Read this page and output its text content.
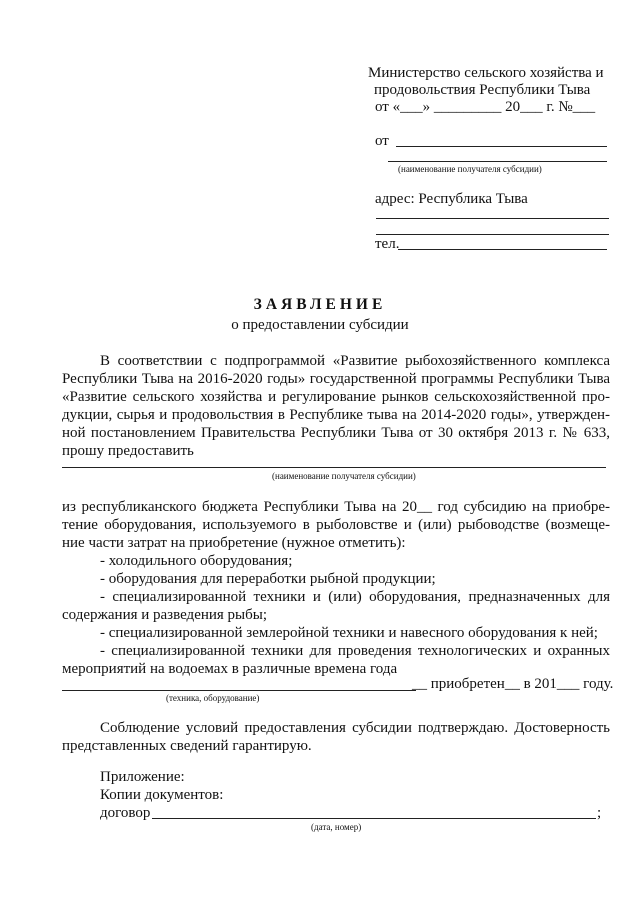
Министерство сельского хозяйства и
продовольствия Республики Тыва
от «___» _________ 20___ г. №___
от
(наименование получателя субсидии)
адрес: Республика Тыва
тел.
ЗАЯВЛЕНИЕ
о предоставлении субсидии
В соответствии с подпрограммой «Развитие рыбохозяйственного комплекса
Республики Тыва на 2016-2020 годы» государственной программы Республики Тыва
«Развитие сельского хозяйства и регулирование рынков сельскохозяйственной про-
дукции, сырья и продовольствия в Республике тыва на 2014-2020 годы», утвержден-
ной постановлением Правительства Республики Тыва от 30 октября 2013 г. № 633,
прошу предоставить
(наименование получателя субсидии)
из республиканского бюджета Республики Тыва на 20__ год субсидию на приобре-
тение оборудования, используемого в рыболовстве и (или) рыбоводстве (возмеще-
ние части затрат на приобретение (нужное отметить):
- холодильного оборудования;
- оборудования для переработки рыбной продукции;
- специализированной техники и (или) оборудования, предназначенных для
содержания и разведения рыбы;
- специализированной землеройной техники и навесного оборудования к ней;
- специализированной техники для проведения технологических и охранных
мероприятий на водоемах в различные времена года
__ приобретен__ в 201___ году.
(техника, оборудование)
Соблюдение условий предоставления субсидии подтверждаю. Достоверность
представленных сведений гарантирую.
Приложение:
Копии документов:
договор	;
(дата, номер)
